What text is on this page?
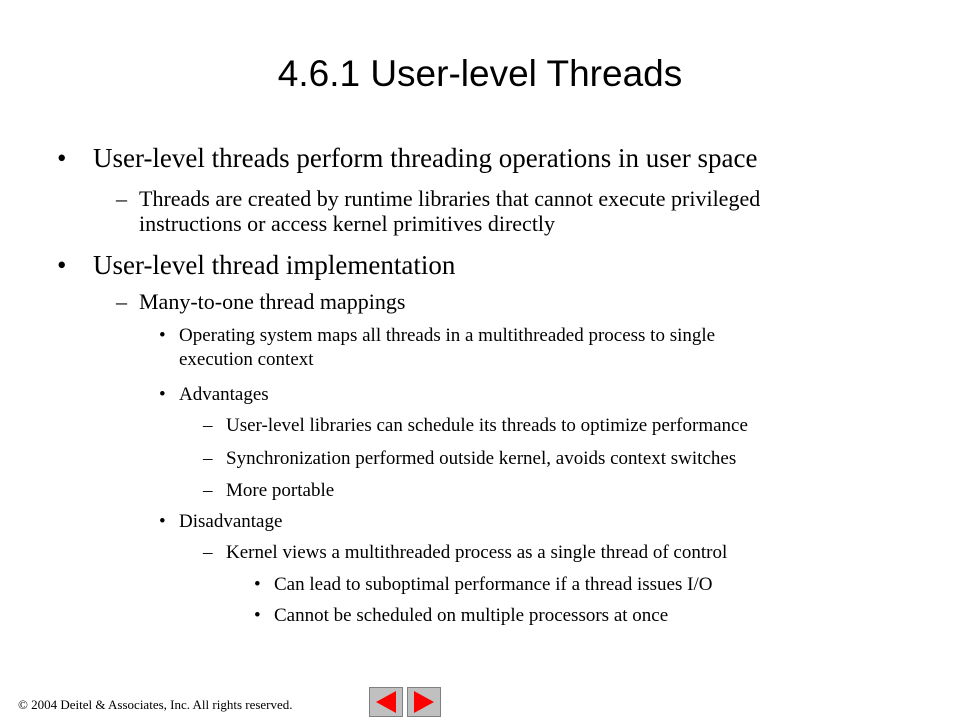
4.6.1 User-level Threads
• User-level threads perform threading operations in user space
– Threads are created by runtime libraries that cannot execute privileged
instructions or access kernel primitives directly
• User-level thread implementation
– Many-to-one thread mappings
• Operating system maps all threads in a multithreaded process to single
execution context
• Advantages
– User-level libraries can schedule its threads to optimize performance
– Synchronization performed outside kernel, avoids context switches
– More portable
• Disadvantage
– Kernel views a multithreaded process as a single thread of control
• Can lead to suboptimal performance if a thread issues I/O
• Cannot be scheduled on multiple processors at once
© 2004 Deitel & Associates, Inc. All rights reserved.
